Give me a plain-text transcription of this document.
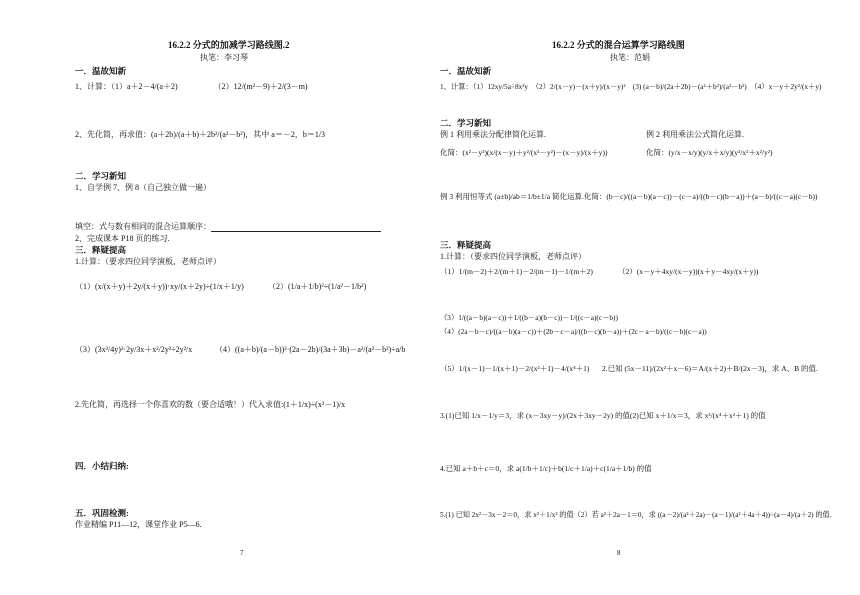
16.2.2 分式的加减学习路线图.2
执笔：李习琴
一．温故知新
1、计算：（1）a＋2－4/(a＋2)　　　　　（2）12/(m²－9)＋2/(3－m)
2、先化简，再求值：(a＋2b)/(a＋b)＋2b²/(a²－b²)，其中 a＝－2，b＝1/3
二．学习新知
1、自学例 7、例 8（自己独立做一遍）
填空：式与数有相同的混合运算顺序：
2、完成课本 P18 页的练习.
三．释疑提高
1.计算：（要求四位同学演板，老师点评）
（1）(x/(x＋y)＋2y/(x＋y))·xy/(x＋2y)÷(1/x＋1/y)	（2）(1/a＋1/b)²÷(1/a²－1/b²)
（3）(3x²/4y)²·2y/3x＋x²/2y²÷2y²/x	（4）((a＋b)/(a－b))²·(2a－2b)/(3a＋3b)－a²/(a²－b²)÷a/b
2.先化简，再选择一个你喜欢的数（要合适哦！）代入求值:(1＋1/x)÷(x²－1)/x
四．小结归纳:
五．巩固检测:
作业精编 P11—12，课堂作业 P5—6.
7
16.2.2 分式的混合运算学习路线图
执笔：范娟
一．温故知新
1、计算：（1）12xy/5a÷8x²y　（2）2/(x－y)－(x＋y)/(x－y)²　(3) (a－b)/(2a＋2b)－(a²＋b²)/(a²－b²)　（4）x－y＋2y²/(x＋y)
二．学习新知
例 1 利用乘法分配律简化运算.	例 2 利用乘法公式简化运算.
化简：(x²－y²)(x/(x－y)＋y²/(x²－y²)－(x－y)/(x＋y))	化简：(y/x－x/y)(y/x＋x/y)(y²/x²＋x²/y²)
例 3 利用恒等式 (a±b)/ab＝1/b±1/a 简化运算.化简：(b－c)/((a－b)(a－c))－(c－a)/((b－c)(b－a))＋(a－b)/((c－a)(c－b))
三．释疑提高
1.计算：（要求四位同学演板，老师点评）
（1）1/(m－2)＋2/(m＋1)－2/(m－1)－1/(m＋2)	（2）(x－y＋4xy/(x－y))(x＋y－4xy/(x＋y))
（3）1/((a－b)(a－c))＋1/((b－a)(b－c))－1/((c－a)(c－b))
（4）(2a－b－c)/((a－b)(a－c))＋(2b－c－a)/((b－c)(b－a))＋(2c－a－b)/((c－b)(c－a))
（5）1/(x－1)－1/(x＋1)－2/(x²＋1)－4/(x⁴＋1) 2.已知 (5x－11)/(2x²＋x－6)＝A/(x＋2)＋B/(2x－3)，求 A、B 的值.
3.(1)已知 1/x－1/y＝3，求 (x－3xy－y)/(2x＋3xy－2y) 的值(2)已知 x＋1/x＝3，求 x²/(x⁴＋x²＋1) 的值
4.已知 a＋b＋c＝0，求 a(1/b＋1/c)＋b(1/c＋1/a)＋c(1/a＋1/b) 的值
5.(1) 已知 2x²－3x－2＝0，求 x²＋1/x² 的值（2）若 a²＋2a－1＝0，求 ((a－2)/(a²＋2a)－(a－1)/(a²＋4a＋4))÷(a－4)/(a＋2) 的值.
8
